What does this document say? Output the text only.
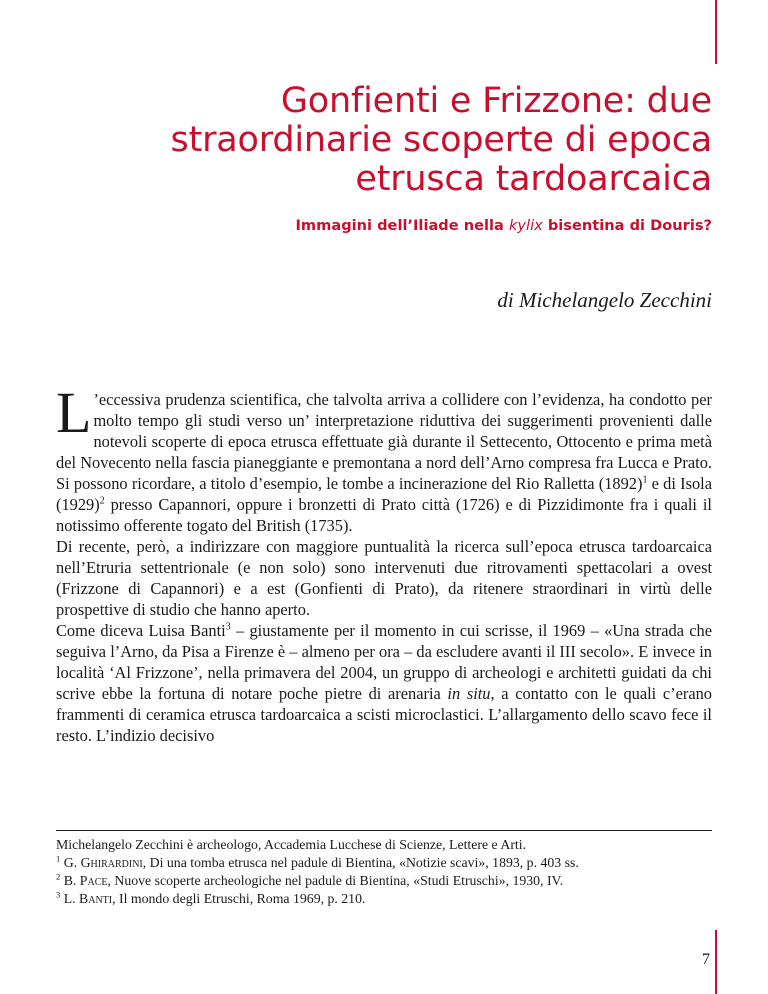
Gonfienti e Frizzone: due straordinarie scoperte di epoca etrusca tardoarcaica
Immagini dell’Iliade nella kylix bisentina di Douris?
di Michelangelo Zecchini

L ’eccessiva prudenza scientifica, che talvolta arriva a collidere con l’evidenza, ha condotto per molto tempo gli studi verso un’ interpretazione riduttiva dei suggerimenti provenienti dalle notevoli scoperte di epoca etrusca effettuate già durante il Settecento, Ottocento e prima metà del Novecento nella fascia pianeggiante e premontana a nord dell’Arno compresa fra Lucca e Prato. Si possono ricordare, a titolo d’esempio, le tombe a incinerazione del Rio Ralletta $(1892)^1$ e di Isola $(1929)^2$ presso Capannori, oppure i bronzetti di Prato città (1726) e di Pizzidimonte fra i quali il notissimo offerente togato del British (1735).

Di recente, però, a indirizzare con maggiore puntualità la ricerca sull’epoca etrusca tardoarcaica nell’Etruria settentrionale (e non solo) sono intervenuti due ritrovamenti spettacolari a ovest (Frizzone di Capannori) e a est (Gonfienti di Prato), da ritenere straordinari in virtù delle prospettive di studio che hanno aperto.

Come diceva Luisa Banti$^3$ – giustamente per il momento in cui scrisse, il 1969 – «Una strada che seguiva l’Arno, da Pisa a Firenze è – almeno per ora – da escludere avanti il III secolo». E invece in località ‘Al Frizzone’, nella primavera del 2004, un gruppo di archeologi e architetti guidati da chi scrive ebbe la fortuna di notare poche pietre di arenaria in situ, a contatto con le quali c’erano frammenti di ceramica etrusca tardoarcaica a scisti microclastici. L’allargamento dello scavo fece il resto. L’indizio decisivo

Michelangelo Zecchini è archeologo, Accademia Lucchese di Scienze, Lettere e Arti.

$^1$ G. Ghirardini, Di una tomba etrusca nel padule di Bientina, «Notizie scavi», 1893, p. 403 ss.

$^2$ B. Pace, Nuove scoperte archeologiche nel padule di Bientina, «Studi Etruschi», 1930, IV.

$^3$ L. Banti, Il mondo degli Etruschi, Roma 1969, p. 210.

7
